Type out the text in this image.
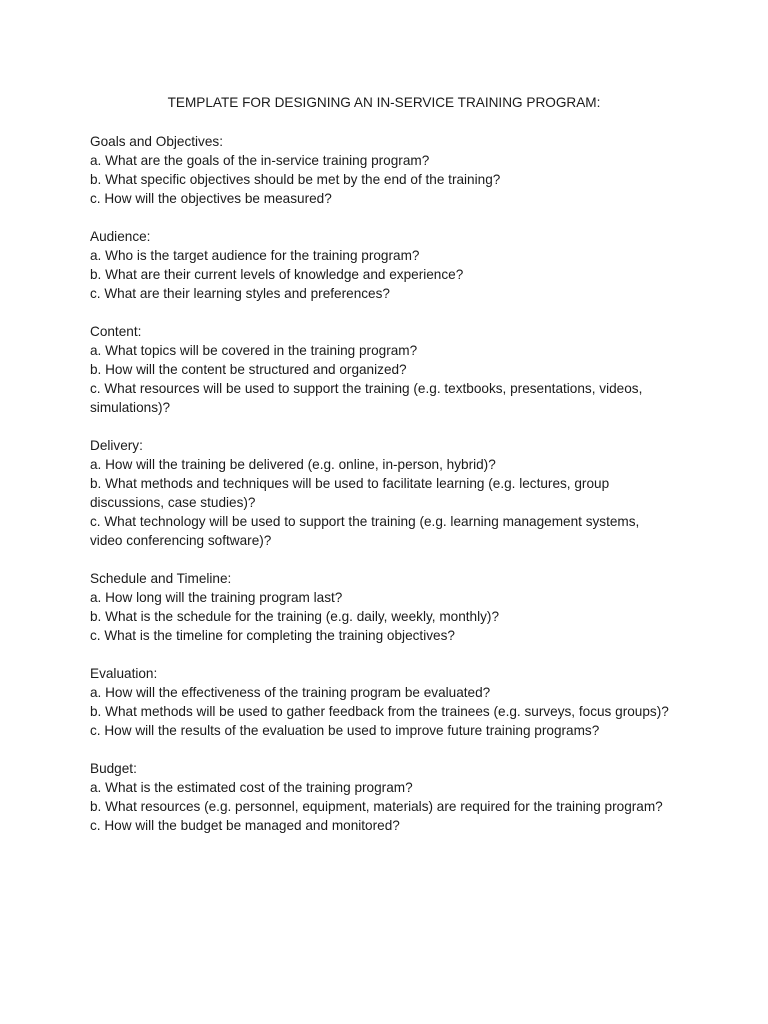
TEMPLATE FOR DESIGNING AN IN-SERVICE TRAINING PROGRAM:
Goals and Objectives:
a. What are the goals of the in-service training program?
b. What specific objectives should be met by the end of the training?
c. How will the objectives be measured?
Audience:
a. Who is the target audience for the training program?
b. What are their current levels of knowledge and experience?
c. What are their learning styles and preferences?
Content:
a. What topics will be covered in the training program?
b. How will the content be structured and organized?
c. What resources will be used to support the training (e.g. textbooks, presentations, videos, simulations)?
Delivery:
a. How will the training be delivered (e.g. online, in-person, hybrid)?
b. What methods and techniques will be used to facilitate learning (e.g. lectures, group discussions, case studies)?
c. What technology will be used to support the training (e.g. learning management systems, video conferencing software)?
Schedule and Timeline:
a. How long will the training program last?
b. What is the schedule for the training (e.g. daily, weekly, monthly)?
c. What is the timeline for completing the training objectives?
Evaluation:
a. How will the effectiveness of the training program be evaluated?
b. What methods will be used to gather feedback from the trainees (e.g. surveys, focus groups)?
c. How will the results of the evaluation be used to improve future training programs?
Budget:
a. What is the estimated cost of the training program?
b. What resources (e.g. personnel, equipment, materials) are required for the training program?
c. How will the budget be managed and monitored?
